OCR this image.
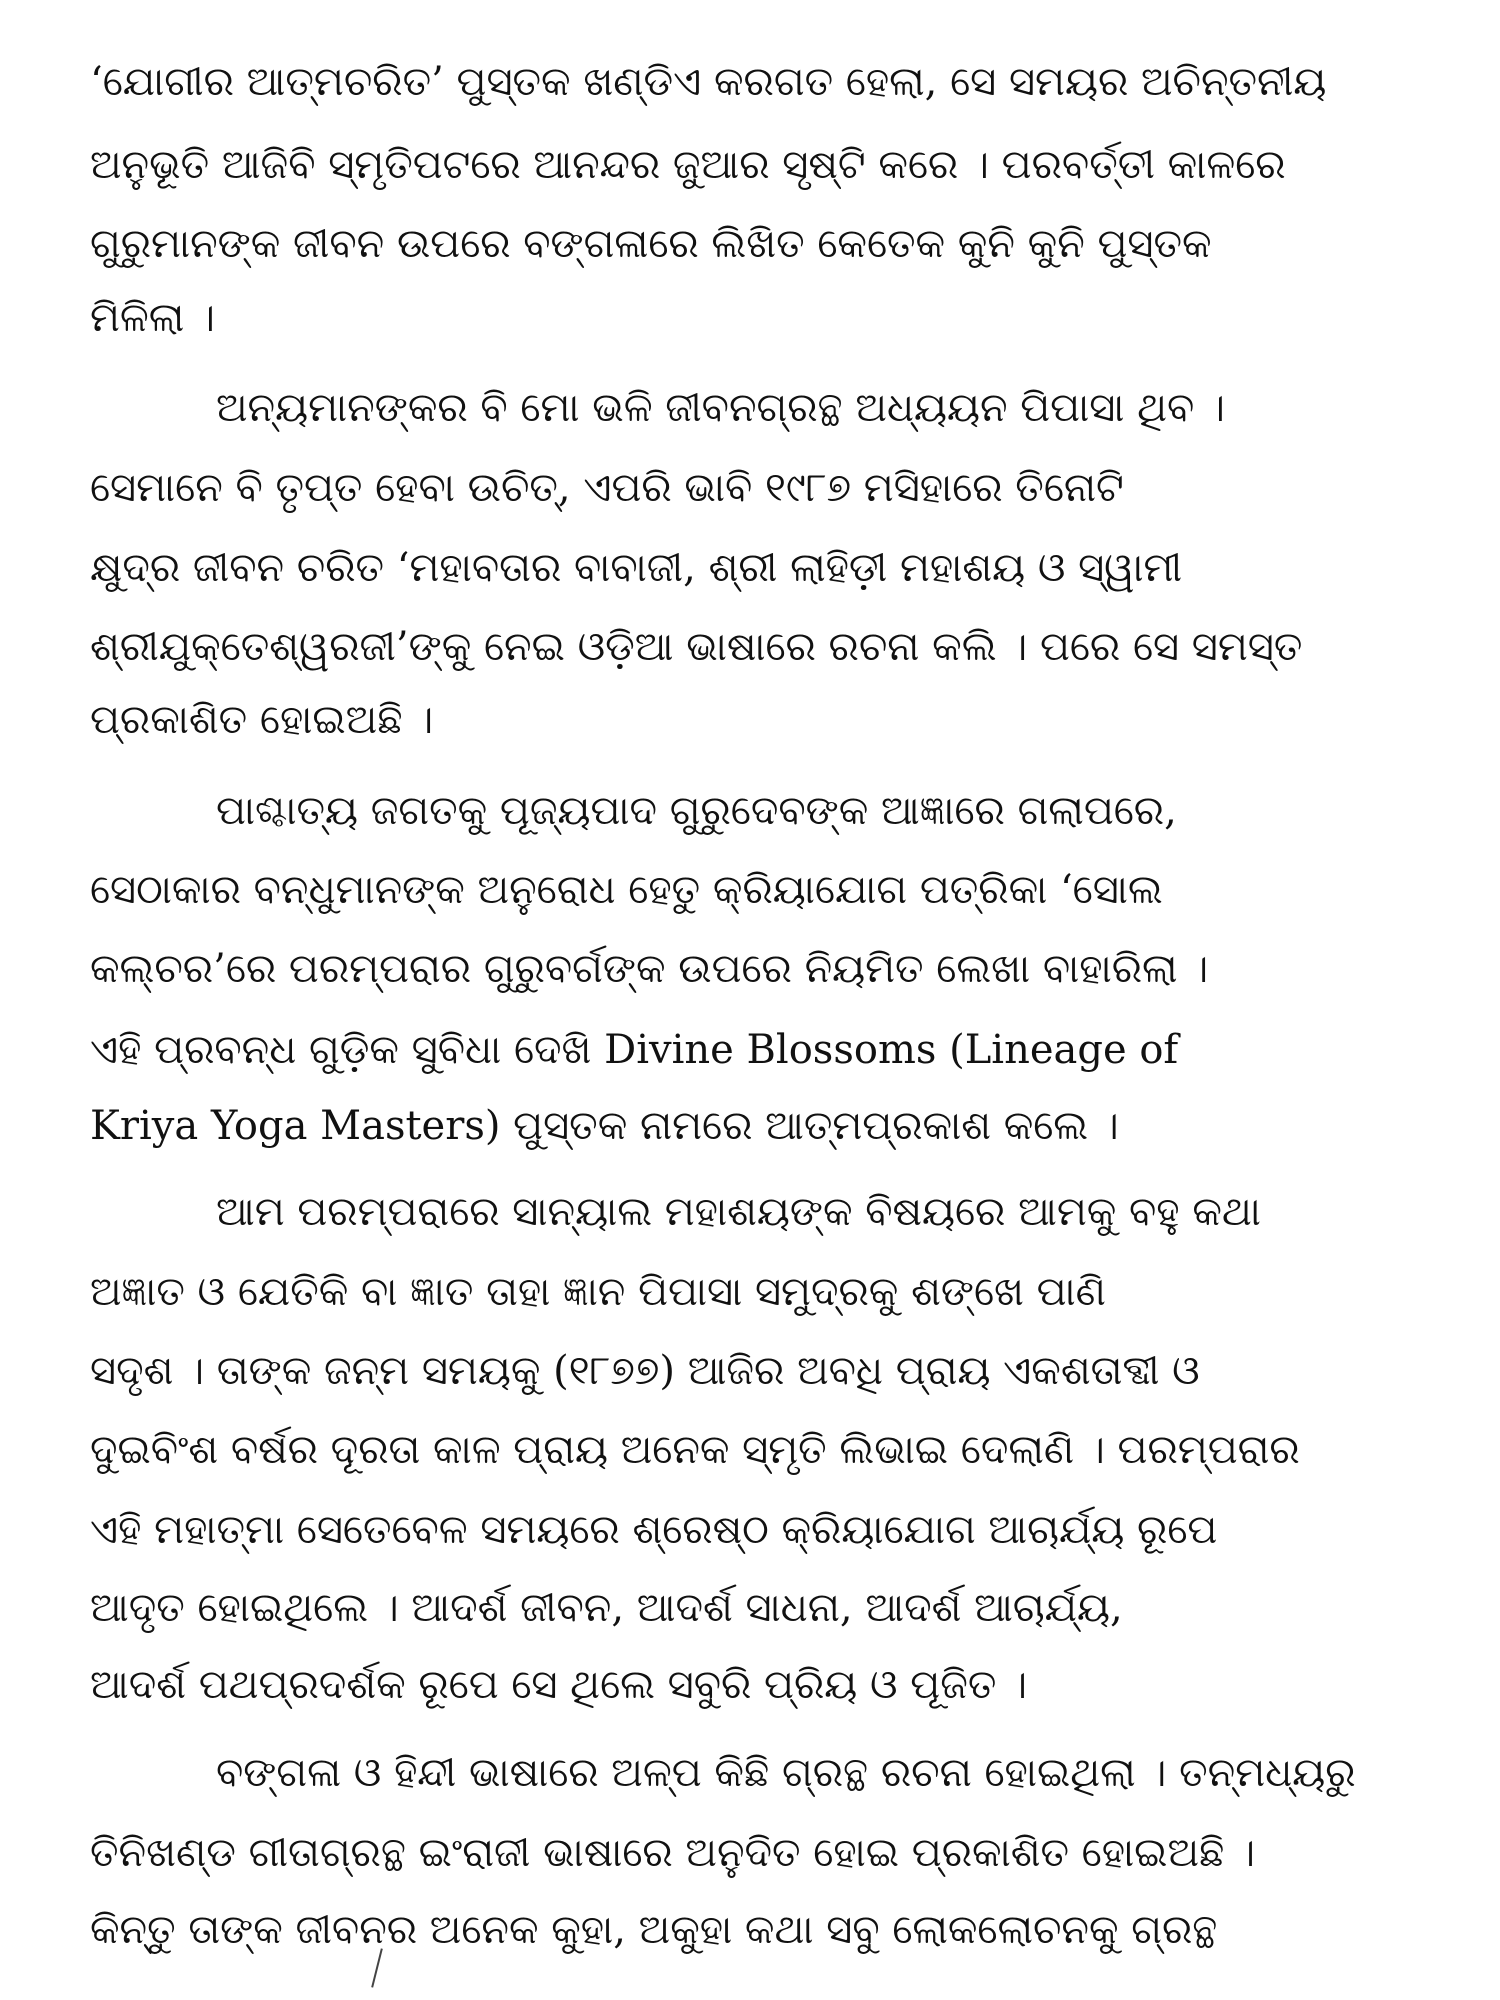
‘ଯୋଗୀର ଆତ୍ମଚରିତ’ ପୁସ୍ତକ ଖଣ୍ଡିଏ କରଗତ ହେଲା, ସେ ସମୟର ଅଚିନ୍ତନୀୟ
ଅନୁଭୂତି ଆଜିବି ସ୍ମୃତିପଟରେ ଆନନ୍ଦର ଜୁଆର ସୃଷ୍ଟି କରେ । ପରବର୍ତ୍ତୀ କାଳରେ
ଗୁରୁମାନଙ୍କ ଜୀବନ ଉପରେ ବଙ୍ଗଳାରେ ଲିଖିତ କେତେକ କୁନି କୁନି ପୁସ୍ତକ
ମିଳିଲା ।
ଅନ୍ୟମାନଙ୍କର ବି ମୋ ଭଳି ଜୀବନଗ୍ରନ୍ଥ ଅଧ୍ୟୟନ ପିପାସା ଥିବ ।
ସେମାନେ ବି ତୃପ୍ତ ହେବା ଉଚିତ୍, ଏପରି ଭାବି ୧୯୮୭ ମସିହାରେ ତିନୋଟି
କ୍ଷୁଦ୍ର ଜୀବନ ଚରିତ ‘ମହାବତାର ବାବାଜୀ, ଶ୍ରୀ ଲାହିଡ଼ୀ ମହାଶୟ ଓ ସ୍ୱାମୀ
ଶ୍ରୀଯୁକ୍ତେଶ୍ୱରଜୀ’ଙ୍କୁ ନେଇ ଓଡ଼ିଆ ଭାଷାରେ ରଚନା କଲି । ପରେ ସେ ସମସ୍ତ
ପ୍ରକାଶିତ ହୋଇଅଛି ।
ପାଶ୍ଚାତ୍ୟ ଜଗତକୁ ପୂଜ୍ୟପାଦ ଗୁରୁଦେବଙ୍କ ଆଜ୍ଞାରେ ଗଲାପରେ,
ସେଠାକାର ବନ୍ଧୁମାନଙ୍କ ଅନୁରୋଧ ହେତୁ କ୍ରିୟାଯୋଗ ପତ୍ରିକା ‘ସୋଲ
କଲ୍ଚର’ରେ ପରମ୍ପରାର ଗୁରୁବର୍ଗଙ୍କ ଉପରେ ନିୟମିତ ଲେଖା ବାହାରିଲା ।
ଏହି ପ୍ରବନ୍ଧ ଗୁଡ଼ିକ ସୁବିଧା ଦେଖି Divine Blossoms (Lineage of
Kriya Yoga Masters) ପୁସ୍ତକ ନାମରେ ଆତ୍ମପ୍ରକାଶ କଲେ ।
ଆମ ପରମ୍ପରାରେ ସାନ୍ୟାଲ ମହାଶୟଙ୍କ ବିଷୟରେ ଆମକୁ ବହୁ କଥା
ଅଜ୍ଞାତ ଓ ଯେତିକି ବା ଜ୍ଞାତ ତାହା ଜ୍ଞାନ ପିପାସା ସମୁଦ୍ରକୁ ଶଙ୍ଖେ ପାଣି
ସଦୃଶ । ତାଙ୍କ ଜନ୍ମ ସମୟକୁ (୧୮୭୭) ଆଜିର ଅବଧି ପ୍ରାୟ ଏକଶତାବ୍ଦୀ ଓ
ଦୁଇବିଂଶ ବର୍ଷର ଦୂରତା କାଳ ପ୍ରାୟ ଅନେକ ସ୍ମୃତି ଲିଭାଇ ଦେଲାଣି । ପରମ୍ପରାର
ଏହି ମହାତ୍ମା ସେତେବେଳ ସମୟରେ ଶ୍ରେଷ୍ଠ କ୍ରିୟାଯୋଗ ଆଚାର୍ଯ୍ୟ ରୂପେ
ଆଦୃତ ହୋଇଥିଲେ । ଆଦର୍ଶ ଜୀବନ, ଆଦର୍ଶ ସାଧନା, ଆଦର୍ଶ ଆଚାର୍ଯ୍ୟ,
ଆଦର୍ଶ ପଥପ୍ରଦର୍ଶକ ରୂପେ ସେ ଥିଲେ ସବୁରି ପ୍ରିୟ ଓ ପୂଜିତ ।
ବଙ୍ଗଳା ଓ ହିନ୍ଦୀ ଭାଷାରେ ଅଳ୍ପ କିଛି ଗ୍ରନ୍ଥ ରଚନା ହୋଇଥିଲା । ତନ୍ମଧ୍ୟରୁ
ତିନିଖଣ୍ଡ ଗୀତାଗ୍ରନ୍ଥ ଇଂରାଜୀ ଭାଷାରେ ଅନୁଦିତ ହୋଇ ପ୍ରକାଶିତ ହୋଇଅଛି ।
କିନ୍ତୁ ତାଙ୍କ ଜୀବନର ଅନେକ କୁହା, ଅକୁହା କଥା ସବୁ ଲୋକଲୋଚନକୁ ଗ୍ରନ୍ଥ
